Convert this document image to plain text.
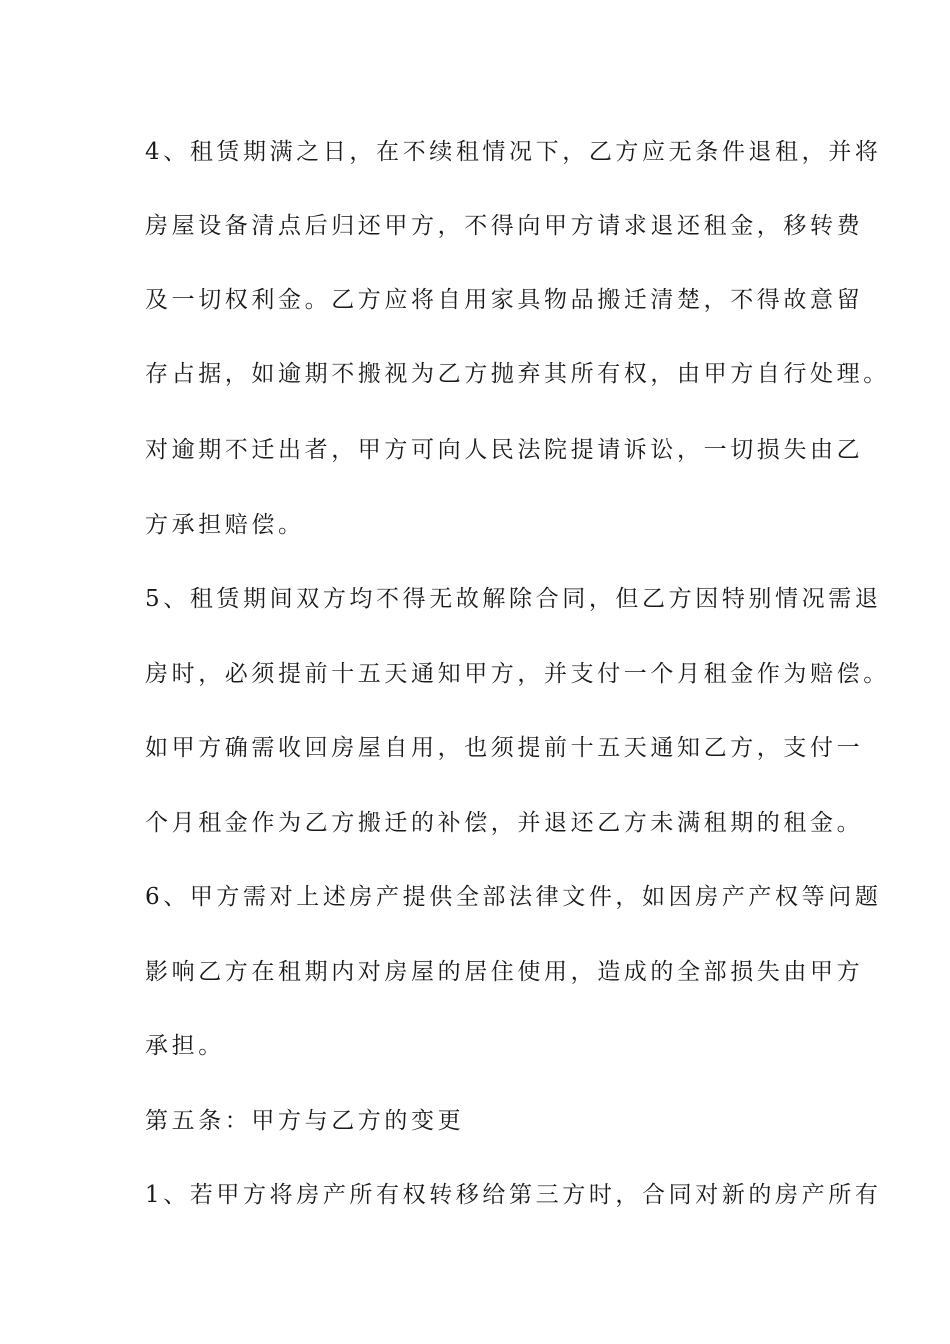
4、租赁期满之日，在不续租情况下，乙方应无条件退租，并将
房屋设备清点后归还甲方，不得向甲方请求退还租金，移转费
及一切权利金。乙方应将自用家具物品搬迁清楚，不得故意留
存占据，如逾期不搬视为乙方抛弃其所有权，由甲方自行处理。
对逾期不迁出者，甲方可向人民法院提请诉讼，一切损失由乙
方承担赔偿。
5、租赁期间双方均不得无故解除合同，但乙方因特别情况需退
房时，必须提前十五天通知甲方，并支付一个月租金作为赔偿。
如甲方确需收回房屋自用，也须提前十五天通知乙方，支付一
个月租金作为乙方搬迁的补偿，并退还乙方未满租期的租金。
6、甲方需对上述房产提供全部法律文件，如因房产产权等问题
影响乙方在租期内对房屋的居住使用，造成的全部损失由甲方
承担。
第五条：甲方与乙方的变更
1、若甲方将房产所有权转移给第三方时，合同对新的房产所有
